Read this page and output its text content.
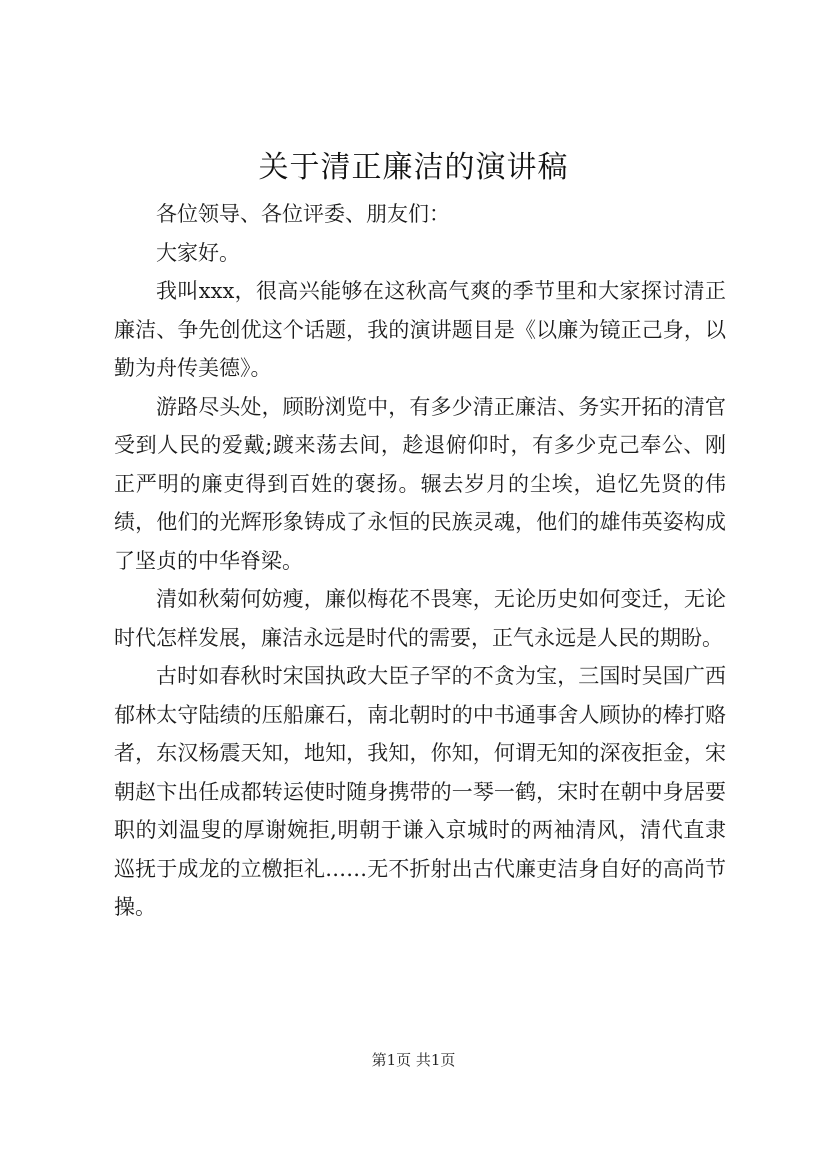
关于清正廉洁的演讲稿

各位领导、各位评委、朋友们：

大家好。

我叫xxx，很高兴能够在这秋高气爽的季节里和大家探讨清正廉洁、争先创优这个话题，我的演讲题目是《以廉为镜正己身，以勤为舟传美德》。

游路尽头处，顾盼浏览中，有多少清正廉洁、务实开拓的清官受到人民的爱戴;踱来荡去间，趁退俯仰时，有多少克己奉公、刚正严明的廉吏得到百姓的褒扬。辗去岁月的尘埃，追忆先贤的伟绩，他们的光辉形象铸成了永恒的民族灵魂，他们的雄伟英姿构成了坚贞的中华脊梁。

清如秋菊何妨瘦，廉似梅花不畏寒，无论历史如何变迁，无论时代怎样发展，廉洁永远是时代的需要，正气永远是人民的期盼。

古时如春秋时宋国执政大臣子罕的不贪为宝，三国时吴国广西郁林太守陆绩的压船廉石，南北朝时的中书通事舍人顾协的棒打赂者，东汉杨震天知，地知，我知，你知，何谓无知的深夜拒金，宋朝赵卞出任成都转运使时随身携带的一琴一鹤，宋时在朝中身居要职的刘温叟的厚谢婉拒,明朝于谦入京城时的两袖清风，清代直隶巡抚于成龙的立檄拒礼……无不折射出古代廉吏洁身自好的高尚节操。

第1页 共1页
